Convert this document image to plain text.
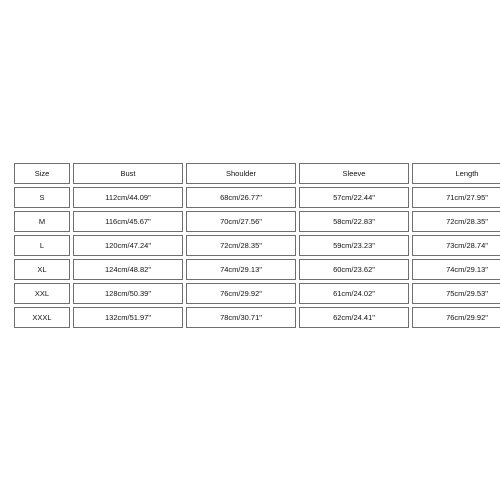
Size	Bust	Shoulder	Sleeve	Length
S	112cm/44.09"	68cm/26.77"	57cm/22.44"	71cm/27.95"
M	116cm/45.67"	70cm/27.56"	58cm/22.83"	72cm/28.35"
L	120cm/47.24"	72cm/28.35"	59cm/23.23"	73cm/28.74"
XL	124cm/48.82"	74cm/29.13"	60cm/23.62"	74cm/29.13"
XXL	128cm/50.39"	76cm/29.92"	61cm/24.02"	75cm/29.53"
XXXL	132cm/51.97"	78cm/30.71"	62cm/24.41"	76cm/29.92"
